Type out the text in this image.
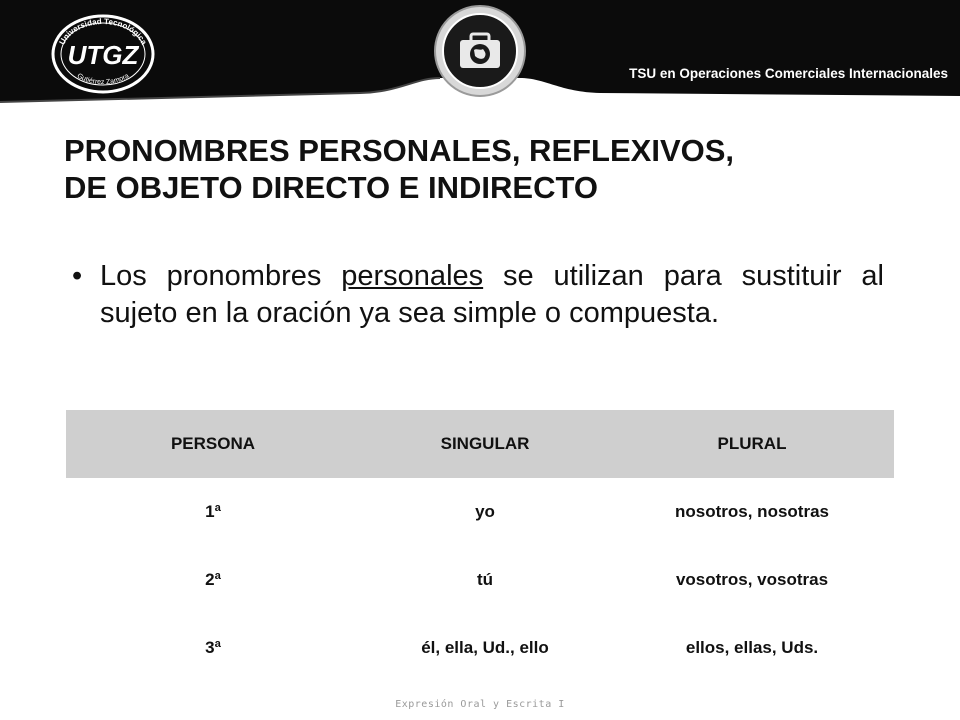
Universidad Tecnológica
Gutiérrez Zamora
UTGZ
TSU en Operaciones Comerciales Internacionales
PRONOMBRES PERSONALES, REFLEXIVOS,
DE OBJETO DIRECTO E INDIRECTO
• Los pronombres personales se utilizan para sustituir al sujeto en la oración ya sea simple o compuesta.
PERSONA	SINGULAR	PLURAL
1ª	yo	nosotros, nosotras
2ª	tú	vosotros, vosotras
3ª	él, ella, Ud., ello	ellos, ellas, Uds.
Expresión Oral y Escrita I
